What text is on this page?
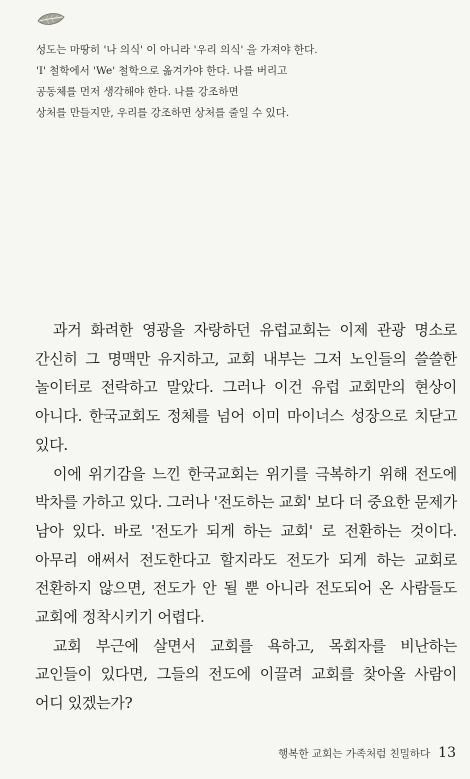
성도는 마땅히 '나 의식' 이 아니라 '우리 의식' 을 가져야 한다.

'I' 철학에서 'We' 철학으로 옮겨가야 한다. 나를 버리고

공동체를 먼저 생각해야 한다. 나를 강조하면

상처를 만들지만, 우리를 강조하면 상처를 줄일 수 있다.

과거 화려한 영광을 자랑하던 유럽교회는 이제 관광 명소로 간신히 그 명맥만 유지하고, 교회 내부는 그저 노인들의 쓸쓸한 놀이터로 전락하고 말았다. 그러나 이건 유럽 교회만의 현상이 아니다. 한국교회도 정체를 넘어 이미 마이너스 성장으로 치닫고 있다.

이에 위기감을 느낀 한국교회는 위기를 극복하기 위해 전도에 박차를 가하고 있다. 그러나 '전도하는 교회' 보다 더 중요한 문제가 남아 있다. 바로 '전도가 되게 하는 교회' 로 전환하는 것이다. 아무리 애써서 전도한다고 할지라도 전도가 되게 하는 교회로 전환하지 않으면, 전도가 안 될 뿐 아니라 전도되어 온 사람들도 교회에 정착시키기 어렵다.

교회 부근에 살면서 교회를 욕하고, 목회자를 비난하는 교인들이 있다면, 그들의 전도에 이끌려 교회를 찾아올 사람이 어디 있겠는가?

행복한 교회는 가족처럼 친밀하다 13
